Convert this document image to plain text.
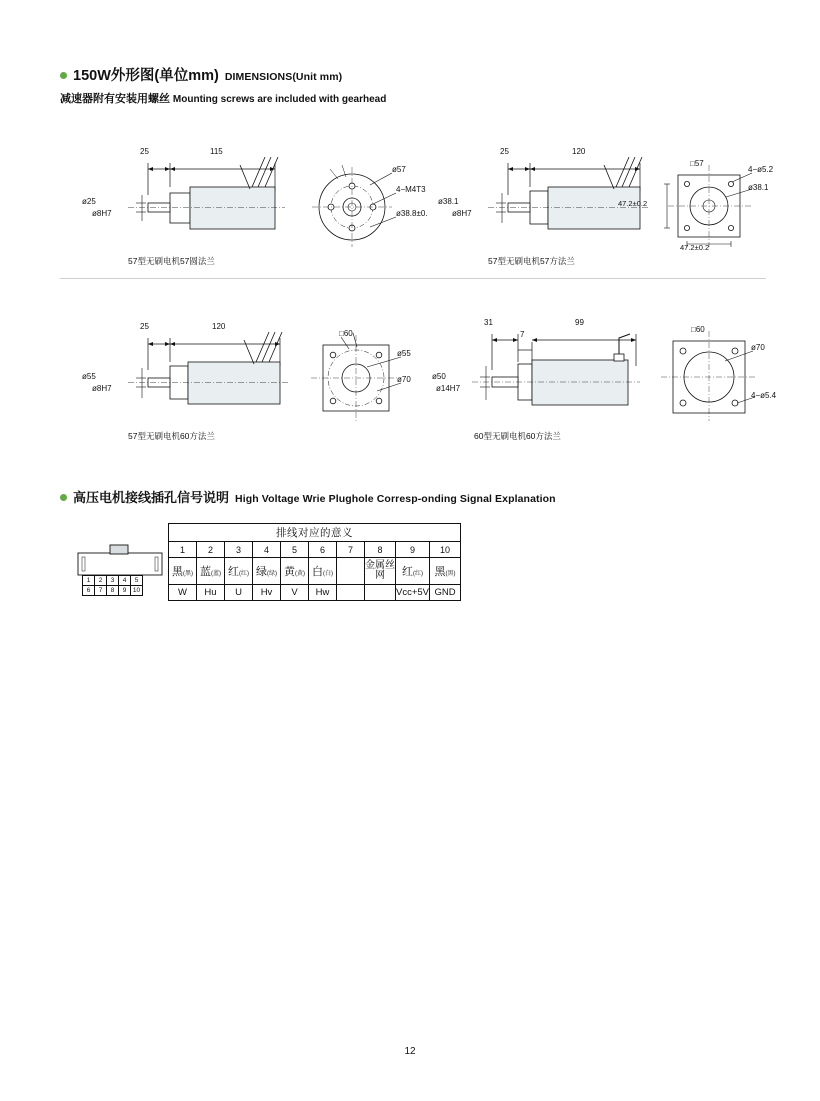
150W外形图(单位mm) DIMENSIONS(Unit mm)
减速器附有安装用螺丝 Mounting screws are included with gearhead
25	115
ø25
ø8H7
57型无刷电机57圆法兰
ø57
4−M4T3
ø38.8±0.
25	120
ø38.1
ø8H7
57型无刷电机57方法兰
□57
4−ø5.2
ø38.1
47.2±0.2
47.2±0.2
25	120
ø55
ø8H7
57型无刷电机60方法兰
□60
ø55
ø70
31
7
99
ø50
ø14H7
60型无刷电机60方法兰
□60
ø70
4−ø5.4
高压电机接线插孔信号说明 High Voltage Wrie Plughole Corresp-onding Signal Explanation
1	2	3	4	5
6	7	8	9	10
排线对应的意义									
1	2	3	4	5	6	7	8	9	10
黑(黑)	蓝(蓝)	红(红)	绿(绿)	黄(黄)	白(白)		金属丝网	红(红)	黑(黑)
W	Hu	U	Hv	V	Hw			Vcc+5V	GND
12
